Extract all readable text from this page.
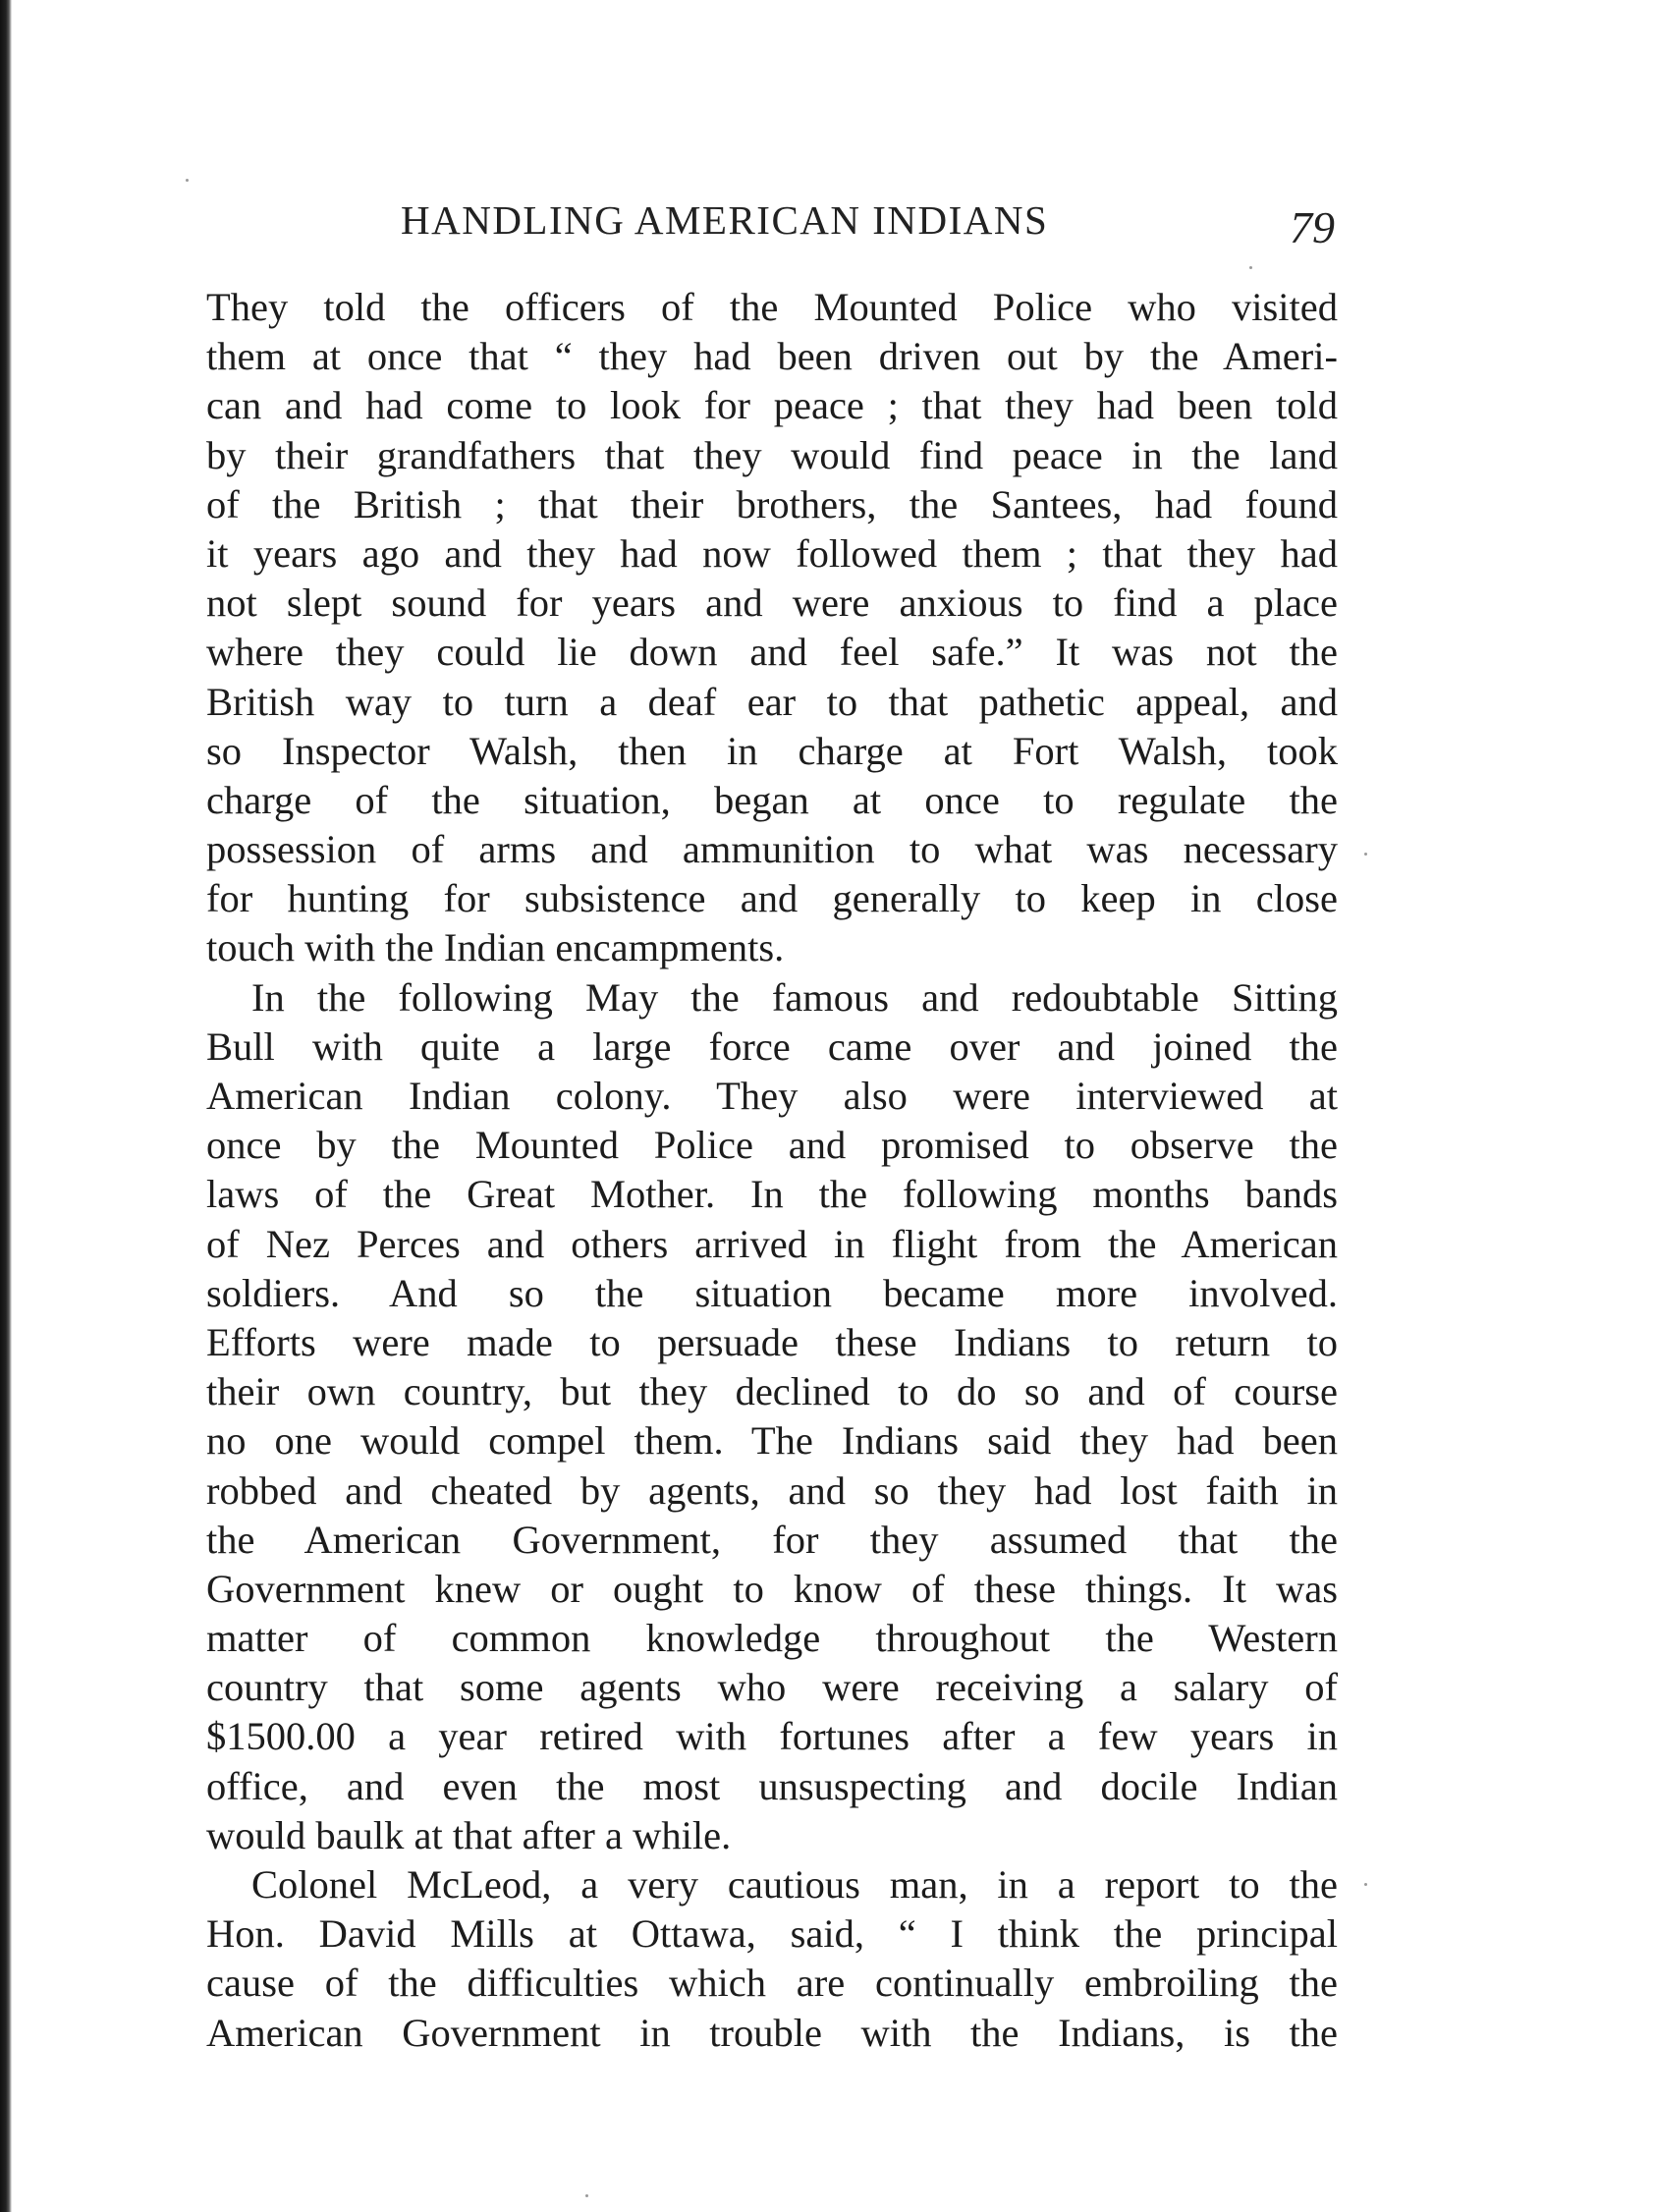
HANDLING AMERICAN INDIANS	79
They told the officers of the Mounted Police who visited
them at once that “ they had been driven out by the Ameri-
can and had come to look for peace ; that they had been told
by their grandfathers that they would find peace in the land
of the British ; that their brothers, the Santees, had found
it years ago and they had now followed them ; that they had
not slept sound for years and were anxious to find a place
where they could lie down and feel safe.” It was not the
British way to turn a deaf ear to that pathetic appeal, and
so Inspector Walsh, then in charge at Fort Walsh, took
charge of the situation, began at once to regulate the
possession of arms and ammunition to what was necessary
for hunting for subsistence and generally to keep in close
touch with the Indian encampments.
In the following May the famous and redoubtable Sitting
Bull with quite a large force came over and joined the
American Indian colony. They also were interviewed at
once by the Mounted Police and promised to observe the
laws of the Great Mother. In the following months bands
of Nez Perces and others arrived in flight from the American
soldiers. And so the situation became more involved.
Efforts were made to persuade these Indians to return to
their own country, but they declined to do so and of course
no one would compel them. The Indians said they had been
robbed and cheated by agents, and so they had lost faith in
the American Government, for they assumed that the
Government knew or ought to know of these things. It was
matter of common knowledge throughout the Western
country that some agents who were receiving a salary of
$1500.00 a year retired with fortunes after a few years in
office, and even the most unsuspecting and docile Indian
would baulk at that after a while.
Colonel McLeod, a very cautious man, in a report to the
Hon. David Mills at Ottawa, said, “ I think the principal
cause of the difficulties which are continually embroiling the
American Government in trouble with the Indians, is the
